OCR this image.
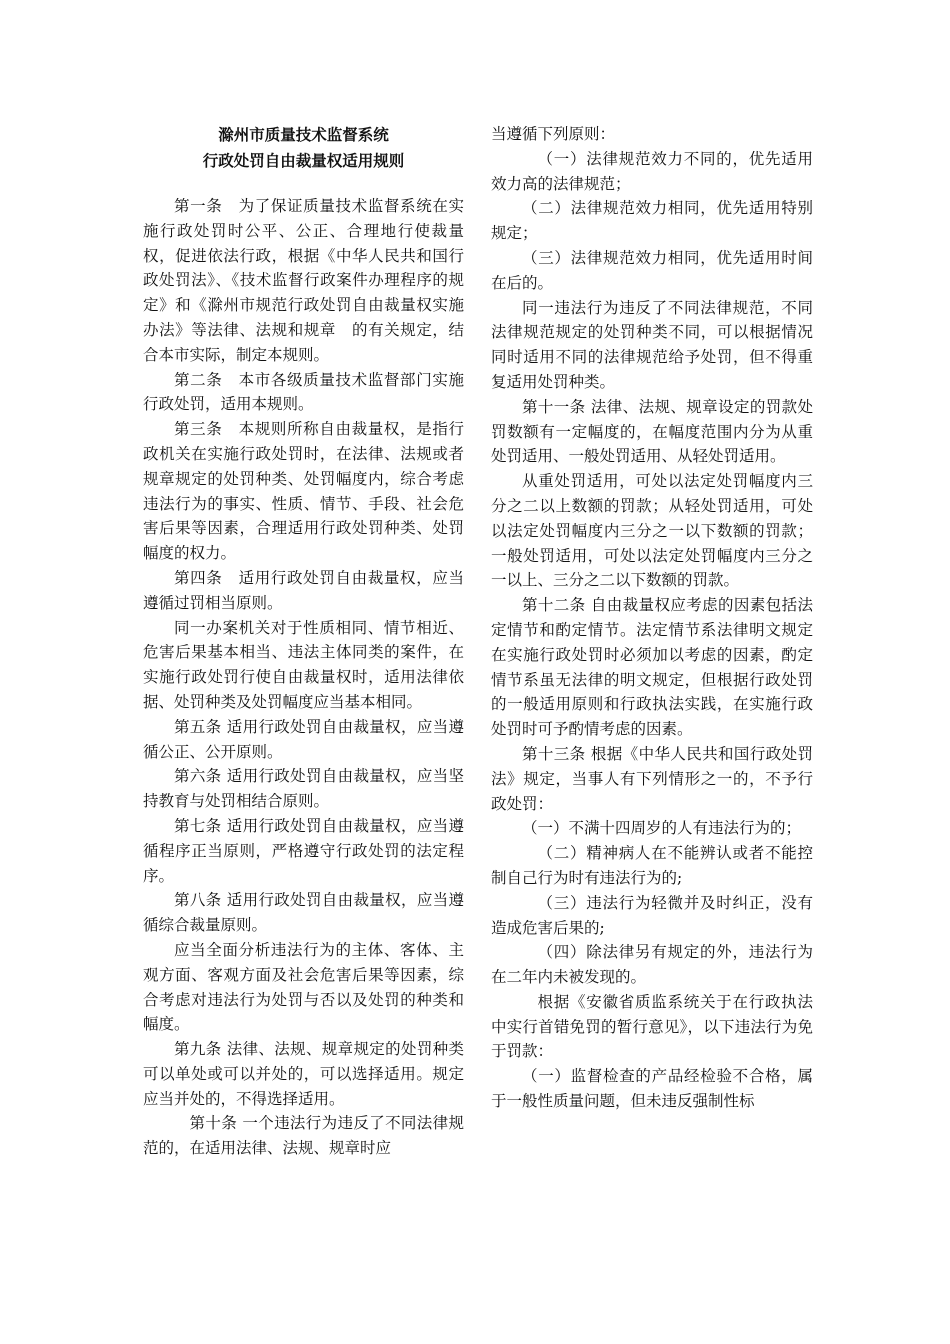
滁州市质量技术监督系统

行政处罚自由裁量权适用规则

第一条　为了保证质量技术监督系统在实施行政处罚时公平、公正、合理地行使裁量权，促进依法行政，根据《中华人民共和国行政处罚法》、《技术监督行政案件办理程序的规定》和《滁州市规范行政处罚自由裁量权实施办法》等法律、法规和规章　的有关规定，结合本市实际，制定本规则。

第二条　本市各级质量技术监督部门实施行政处罚，适用本规则。

第三条　本规则所称自由裁量权，是指行政机关在实施行政处罚时，在法律、法规或者规章规定的处罚种类、处罚幅度内，综合考虑违法行为的事实、性质、情节、手段、社会危害后果等因素，合理适用行政处罚种类、处罚幅度的权力。

第四条　适用行政处罚自由裁量权，应当遵循过罚相当原则。

同一办案机关对于性质相同、情节相近、危害后果基本相当、违法主体同类的案件，在实施行政处罚行使自由裁量权时，适用法律依据、处罚种类及处罚幅度应当基本相同。

第五条 适用行政处罚自由裁量权，应当遵循公正、公开原则。

第六条 适用行政处罚自由裁量权，应当坚持教育与处罚相结合原则。

第七条 适用行政处罚自由裁量权，应当遵循程序正当原则，严格遵守行政处罚的法定程序。

第八条 适用行政处罚自由裁量权，应当遵循综合裁量原则。

应当全面分析违法行为的主体、客体、主观方面、客观方面及社会危害后果等因素，综合考虑对违法行为处罚与否以及处罚的种类和幅度。

第九条 法律、法规、规章规定的处罚种类可以单处或可以并处的，可以选择适用。规定应当并处的，不得选择适用。

第十条 一个违法行为违反了不同法律规范的，在适用法律、法规、规章时应

当遵循下列原则：

（一）法律规范效力不同的，优先适用效力高的法律规范；

（二）法律规范效力相同，优先适用特别规定；

（三）法律规范效力相同，优先适用时间在后的。

同一违法行为违反了不同法律规范，不同法律规范规定的处罚种类不同，可以根据情况同时适用不同的法律规范给予处罚，但不得重复适用处罚种类。

第十一条 法律、法规、规章设定的罚款处罚数额有一定幅度的，在幅度范围内分为从重处罚适用、一般处罚适用、从轻处罚适用。

从重处罚适用，可处以法定处罚幅度内三分之二以上数额的罚款；从轻处罚适用，可处以法定处罚幅度内三分之一以下数额的罚款；一般处罚适用，可处以法定处罚幅度内三分之一以上、三分之二以下数额的罚款。

第十二条 自由裁量权应考虑的因素包括法定情节和酌定情节。法定情节系法律明文规定在实施行政处罚时必须加以考虑的因素，酌定情节系虽无法律的明文规定，但根据行政处罚的一般适用原则和行政执法实践，在实施行政处罚时可予酌情考虑的因素。

第十三条 根据《中华人民共和国行政处罚法》规定，当事人有下列情形之一的，不予行政处罚：

（一）不满十四周岁的人有违法行为的；

（二）精神病人在不能辨认或者不能控制自己行为时有违法行为的;

（三）违法行为轻微并及时纠正，没有造成危害后果的;

（四）除法律另有规定的外，违法行为在二年内未被发现的。

根据《安徽省质监系统关于在行政执法中实行首错免罚的暂行意见》，以下违法行为免于罚款：

（一）监督检查的产品经检验不合格，属于一般性质量问题，但未违反强制性标
